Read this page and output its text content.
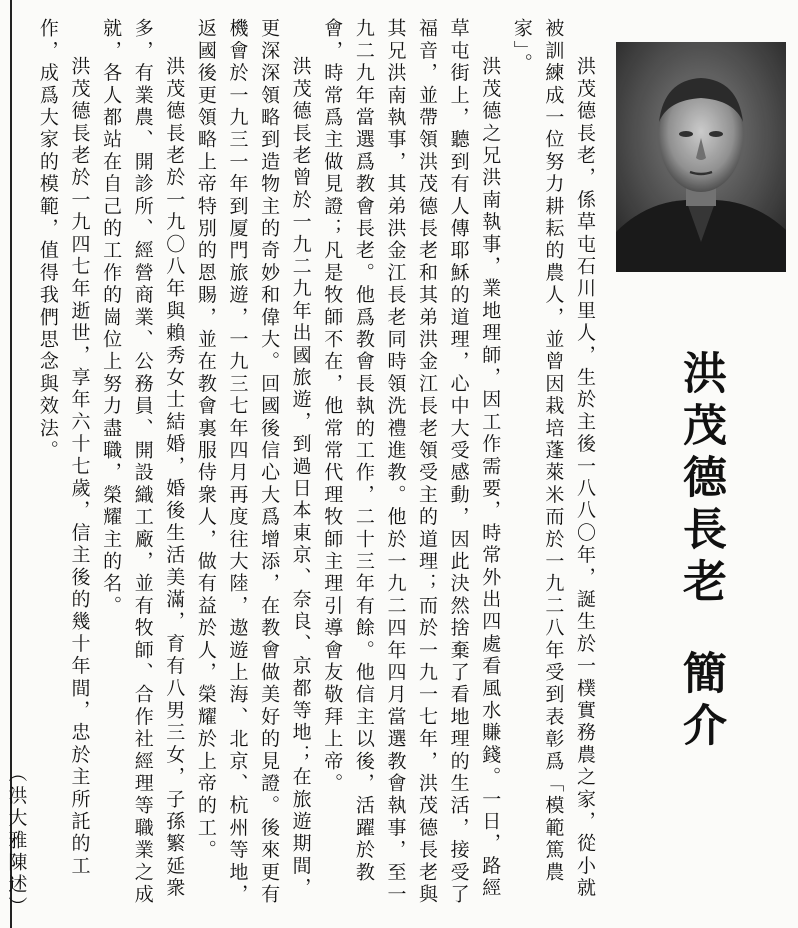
洪茂德長老，係草屯石川里人，生於主後一八八〇年，誕生於一樸實務農之家，從小就被訓練成一位努力耕耘的農人，並曾因栽培蓬萊米而於一九二八年受到表彰爲「模範篤農家」。

洪茂德之兄洪南執事，業地理師，因工作需要，時常外出四處看風水賺錢。一日，路經草屯街上，聽到有人傳耶穌的道理，心中大受感動，因此決然捨棄了看地理的生活，接受了福音，並帶領洪茂德長老和其弟洪金江長老領受主的道理；而於一九一七年，洪茂德長老與其兄洪南執事，其弟洪金江長老同時領洗禮進教。他於一九二四年四月當選教會執事，至一九二九年當選爲教會長老。他爲教會長執的工作，二十三年有餘。他信主以後，活躍於教會，時常爲主做見證；凡是牧師不在，他常常代理牧師主理引導會友敬拜上帝。

洪茂德長老曾於一九二九年出國旅遊，到過日本東京、奈良、京都等地；在旅遊期間，更深深領略到造物主的奇妙和偉大。回國後信心大爲增添，在教會做美好的見證。後來更有機會於一九三一年到厦門旅遊，一九三七年四月再度往大陸，遨遊上海、北京、杭州等地，返國後更領略上帝特別的恩賜，並在教會裏服侍衆人，做有益於人，榮耀於上帝的工。

洪茂德長老於一九〇八年與賴秀女士結婚，婚後生活美滿，育有八男三女，子孫繁延衆多，有業農、開診所、經營商業、公務員、開設織工廠，並有牧師、合作社經理等職業之成就，各人都站在自己的工作的崗位上努力盡職，榮耀主的名。

洪茂德長老於一九四七年逝世，享年六十七歲，信主後的幾十年間，忠於主所託的工作，成爲大家的模範，值得我們思念與效法。

（洪大雅陳述）

洪茂德長老簡介
